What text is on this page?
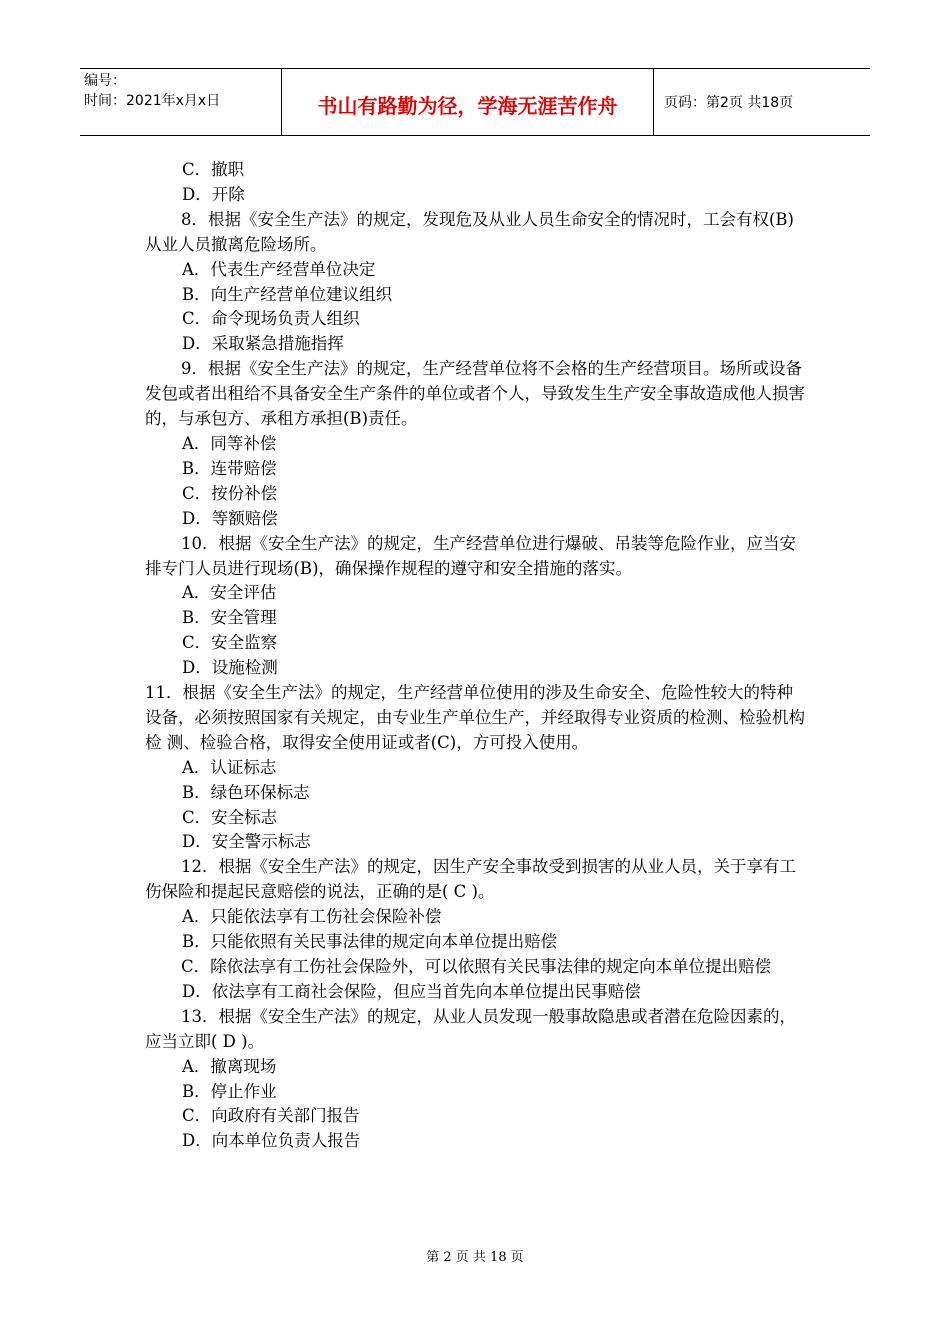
编号：
时间：2021年x月x日	书山有路勤为径，学海无涯苦作舟	页码：第2页 共18页

C．撤职

D．开除

8．根据《安全生产法》的规定，发现危及从业人员生命安全的情况时，工会有权(B)从业人员撤离危险场所。

A．代表生产经营单位决定

B．向生产经营单位建议组织

C．命令现场负责人组织

D．采取紧急措施指挥

9．根据《安全生产法》的规定，生产经营单位将不会格的生产经营项目。场所或设备发包或者出租给不具备安全生产条件的单位或者个人，导致发生生产安全事故造成他人损害的，与承包方、承租方承担(B)责任。

A．同等补偿

B．连带赔偿

C．按份补偿

D．等额赔偿

10．根据《安全生产法》的规定，生产经营单位进行爆破、吊装等危险作业，应当安排专门人员进行现场(B)，确保操作规程的遵守和安全措施的落实。

A．安全评估

B．安全管理

C．安全监察

D．设施检测

11．根据《安全生产法》的规定，生产经营单位使用的涉及生命安全、危险性较大的特种设备，必须按照国家有关规定，由专业生产单位生产，并经取得专业资质的检测、检验机构检 测、检验合格，取得安全使用证或者(C)，方可投入使用。

A．认证标志

B．绿色环保标志

C．安全标志

D．安全警示标志

12．根据《安全生产法》的规定，因生产安全事故受到损害的从业人员，关于享有工伤保险和提起民意赔偿的说法，正确的是( C )。

A．只能依法享有工伤社会保险补偿

B．只能依照有关民事法律的规定向本单位提出赔偿

C．除依法享有工伤社会保险外，可以依照有关民事法律的规定向本单位提出赔偿

D．依法享有工商社会保险，但应当首先向本单位提出民事赔偿

13．根据《安全生产法》的规定，从业人员发现一般事故隐患或者潜在危险因素的，应当立即( D )。

A．撤离现场

B．停止作业

C．向政府有关部门报告

D．向本单位负责人报告

第 2 页 共 18 页
